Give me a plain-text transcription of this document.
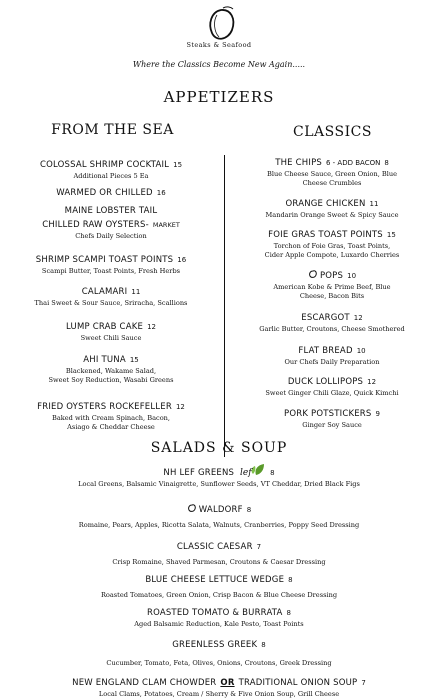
Steaks & Seafood
Where the Classics Become New Again.....
APPETIZERS
FROM THE SEA	CLASSICS
COLOSSAL SHRIMP COCKTAIL 15
Additional Pieces 5 Ea
WARMED OR CHILLED 16
MAINE LOBSTER TAIL
CHILLED RAW OYSTERS- MARKET
Chefs Daily Selection
SHRIMP SCAMPI TOAST POINTS 16
Scampi Butter, Toast Points, Fresh Herbs
CALAMARI 11
Thai Sweet & Sour Sauce, Sriracha, Scallions
LUMP CRAB CAKE 12
Sweet Chili Sauce
AHI TUNA 15
Blackened, Wakame Salad,
Sweet Soy Reduction, Wasabi Greens
FRIED OYSTERS ROCKEFELLER 12
Baked with Cream Spinach, Bacon,
Asiago & Cheddar Cheese
THE CHIPS 6 - ADD BACON 8
Blue Cheese Sauce, Green Onion, Blue
Cheese Crumbles
ORANGE CHICKEN 11
Mandarin Orange Sweet & Spicy Sauce
FOIE GRAS TOAST POINTS 15
Torchon of Foie Gras, Toast Points,
Cider Apple Compote, Luxardo Cherries
POPS 10
American Kobe & Prime Beef, Blue
Cheese, Bacon Bits
ESCARGOT 12
Garlic Butter, Croutons, Cheese Smothered
FLAT BREAD 10
Our Chefs Daily Preparation
DUCK LOLLIPOPS 12
Sweet Ginger Chili Glaze, Quick Kimchi
PORK POTSTICKERS 9
Ginger Soy Sauce
SALADS & SOUP
NH LEF GREENS lef	8
Local Greens, Balsamic Vinaigrette, Sunflower Seeds, VT Cheddar, Dried Black Figs
WALDORF 8
Romaine, Pears, Apples, Ricotta Salata, Walnuts, Cranberries, Poppy Seed Dressing
CLASSIC CAESAR 7
Crisp Romaine, Shaved Parmesan, Croutons & Caesar Dressing
BLUE CHEESE LETTUCE WEDGE 8
Roasted Tomatoes, Green Onion, Crisp Bacon & Blue Cheese Dressing
ROASTED TOMATO & BURRATA 8
Aged Balsamic Reduction, Kale Pesto, Toast Points
GREENLESS GREEK 8
Cucumber, Tomato, Feta, Olives, Onions, Croutons, Greek Dressing
NEW ENGLAND CLAM CHOWDER OR TRADITIONAL ONION SOUP 7
Local Clams, Potatoes, Cream / Sherry & Five Onion Soup, Grill Cheese
